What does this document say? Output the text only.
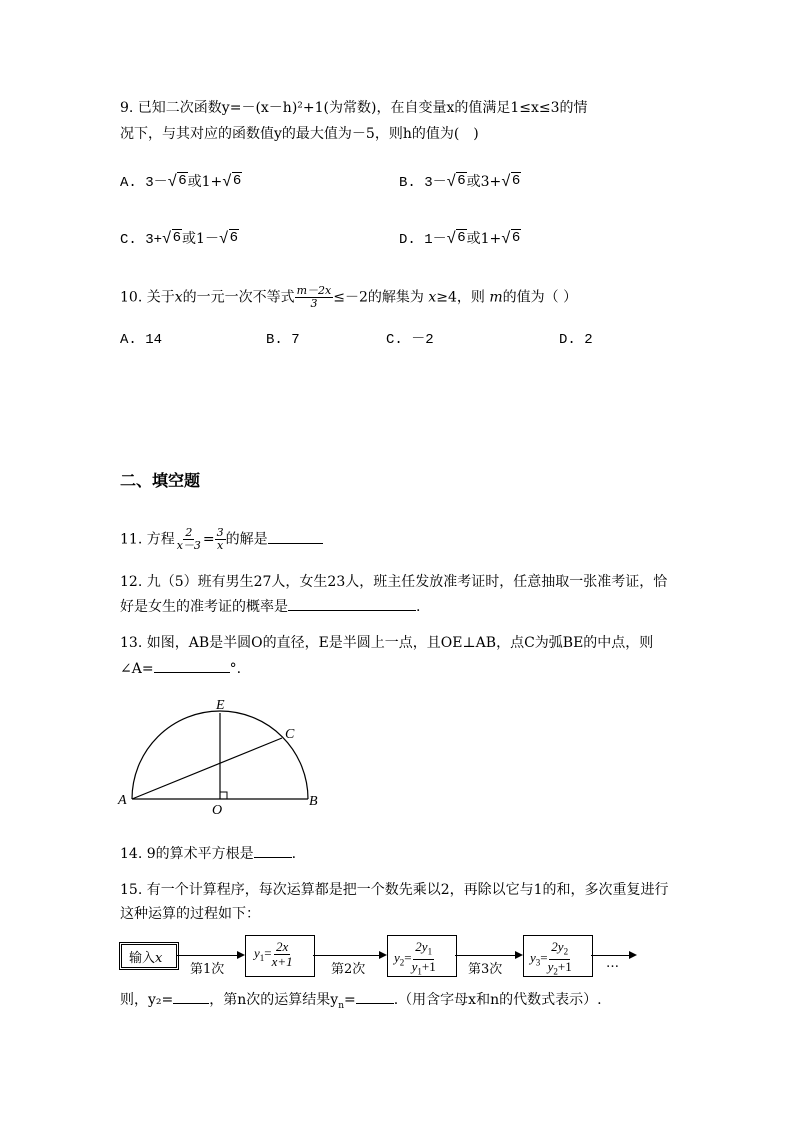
9. 已知二次函数y=－(x－h)²+1(为常数)，在自变量x的值满足1≤x≤3的情
况下，与其对应的函数值y的最大值为－5，则h的值为(　)
A. 3－√6或1+√6	B. 3－√6或3+√6
C. 3+√6或1－√6	D. 1－√6或1+√6
10. 关于x的一元一次不等式 $\frac{m-2x}{3} \le-2$的解集为 x≥4，则 m的值为（ ）
A. 14	B. 7	C. －2	D. 2
二、填空题
11. 方程 $\frac{2}{x-3} = \frac{3}{x}$ 的解是
12. 九（5）班有男生27人，女生23人，班主任发放准考证时，任意抽取一张准考证，恰
好是女生的准考证的概率是	.
13. 如图，AB是半圆O的直径，E是半圆上一点，且OE⊥AB，点C为弧BE的中点，则
∠A=	°.
A	B
O
E
C
14. 9的算术平方根是	.
15. 有一个计算程序，每次运算都是把一个数先乘以2，再除以它与1的和，多次重复进行
这种运算的过程如下：
输入x
第1次
$y_1= \frac{2x}{x+1}$
第2次
$y_2= \frac{2y_1}{y_1+1}$ 第3次
$y_3= \frac{2y_2}{y_2+1}$	…
则，y₂=	，第n次的运算结果$y_n=$	.（用含字母x和n的代数式表示）.
